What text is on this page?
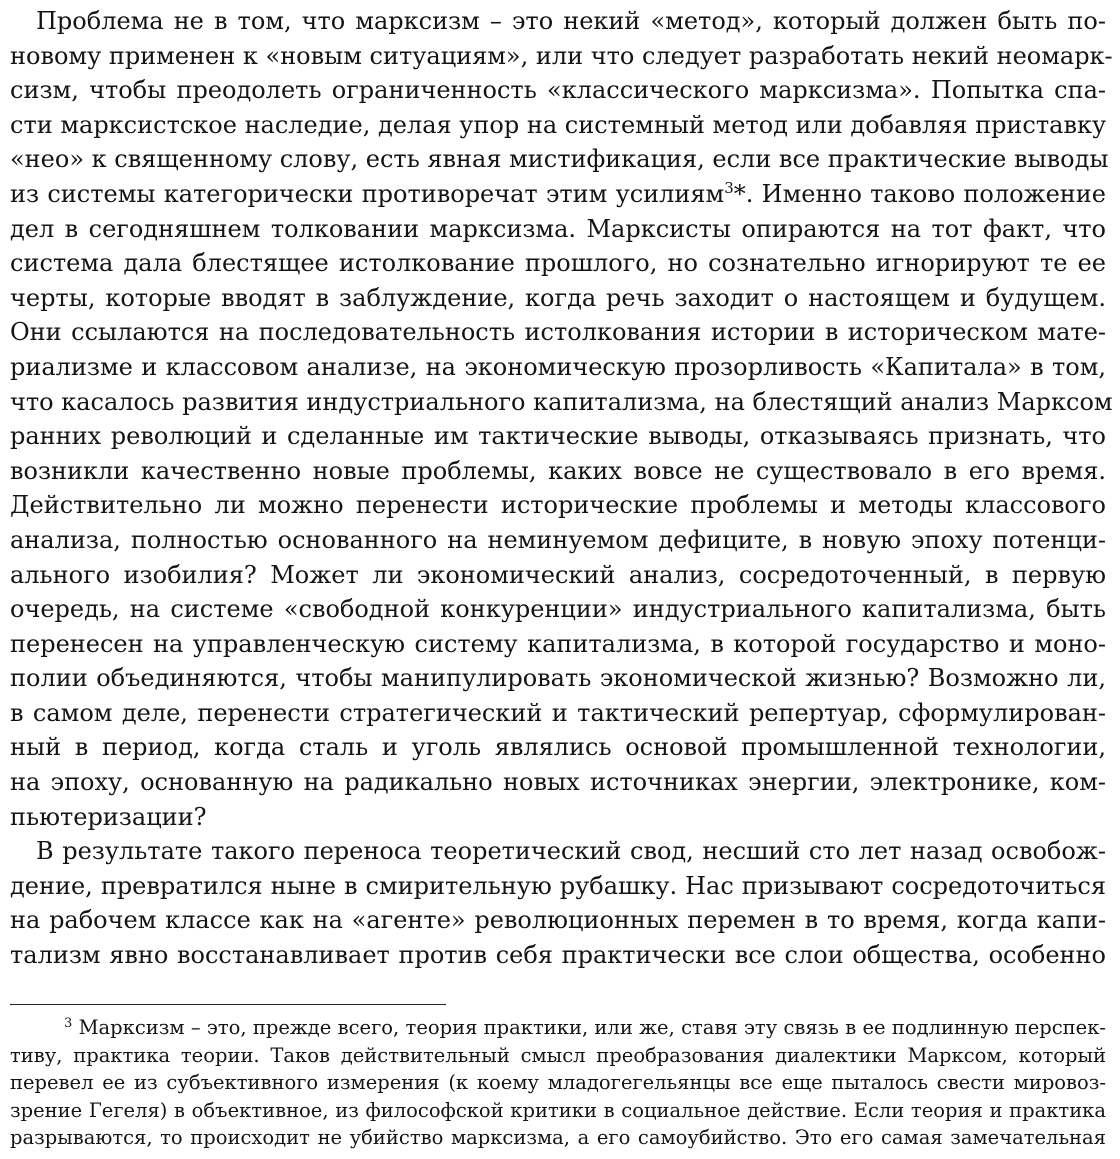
Проблема не в том, что марксизм – это некий «метод», который должен быть по-
новому применен к «новым ситуациям», или что следует разработать некий неомарк-
сизм, чтобы преодолеть ограниченность «классического марксизма». Попытка спа-
сти марксистское наследие, делая упор на системный метод или добавляя приставку
«нео» к священному слову, есть явная мистификация, если все практические выводы
из системы категорически противоречат этим усилиям$^3$*. Именно таково положение
дел в сегодняшнем толковании марксизма. Марксисты опираются на тот факт, что
система дала блестящее истолкование прошлого, но сознательно игнорируют те ее
черты, которые вводят в заблуждение, когда речь заходит о настоящем и будущем.
Они ссылаются на последовательность истолкования истории в историческом мате-
риализме и классовом анализе, на экономическую прозорливость «Капитала» в том,
что касалось развития индустриального капитализма, на блестящий анализ Марксом
ранних революций и сделанные им тактические выводы, отказываясь признать, что
возникли качественно новые проблемы, каких вовсе не существовало в его время.
Действительно ли можно перенести исторические проблемы и методы классового
анализа, полностью основанного на неминуемом дефиците, в новую эпоху потенци-
ального изобилия? Может ли экономический анализ, сосредоточенный, в первую
очередь, на системе «свободной конкуренции» индустриального капитализма, быть
перенесен на управленческую систему капитализма, в которой государство и моно-
полии объединяются, чтобы манипулировать экономической жизнью? Возможно ли,
в самом деле, перенести стратегический и тактический репертуар, сформулирован-
ный в период, когда сталь и уголь являлись основой промышленной технологии,
на эпоху, основанную на радикально новых источниках энергии, электронике, ком-
пьютеризации?
В результате такого переноса теоретический свод, несший сто лет назад освобож-
дение, превратился ныне в смирительную рубашку. Нас призывают сосредоточиться
на рабочем классе как на «агенте» революционных перемен в то время, когда капи-
тализм явно восстанавливает против себя практически все слои общества, особенно
$^3$ Марксизм – это, прежде всего, теория практики, или же, ставя эту связь в ее подлинную перспек-
тиву, практика теории. Таков действительный смысл преобразования диалектики Марксом, который
перевел ее из субъективного измерения (к коему младогегельянцы все еще пыталось свести мировоз-
зрение Гегеля) в объективное, из философской критики в социальное действие. Если теория и практика
разрываются, то происходит не убийство марксизма, а его самоубийство. Это его самая замечательная
